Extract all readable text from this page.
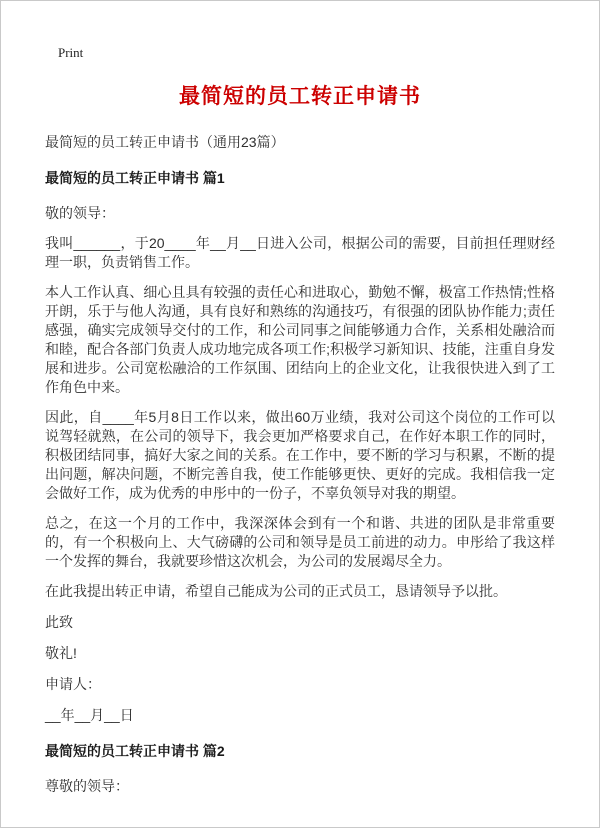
Print
最简短的员工转正申请书
最简短的员工转正申请书（通用23篇）
最简短的员工转正申请书 篇1
敬的领导：
我叫______，于20____年__月__日进入公司，根据公司的需要，目前担任理财经理一职，负责销售工作。
本人工作认真、细心且具有较强的责任心和进取心，勤勉不懈，极富工作热情;性格开朗，乐于与他人沟通，具有良好和熟练的沟通技巧，有很强的团队协作能力;责任感强，确实完成领导交付的工作，和公司同事之间能够通力合作，关系相处融洽而和睦，配合各部门负责人成功地完成各项工作;积极学习新知识、技能，注重自身发展和进步。公司宽松融洽的工作氛围、团结向上的企业文化，让我很快进入到了工作角色中来。
因此，自____年5月8日工作以来，做出60万业绩，我对公司这个岗位的工作可以说驾轻就熟，在公司的领导下，我会更加严格要求自己，在作好本职工作的同时，积极团结同事，搞好大家之间的关系。在工作中，要不断的学习与积累，不断的提出问题，解决问题，不断完善自我，使工作能够更快、更好的完成。我相信我一定会做好工作，成为优秀的申彤中的一份子，不辜负领导对我的期望。
总之，在这一个月的工作中，我深深体会到有一个和谐、共进的团队是非常重要的，有一个积极向上、大气磅礴的公司和领导是员工前进的动力。申彤给了我这样一个发挥的舞台，我就要珍惜这次机会，为公司的发展竭尽全力。
在此我提出转正申请，希望自己能成为公司的正式员工，恳请领导予以批。
此致
敬礼!
申请人：
__年__月__日
最简短的员工转正申请书 篇2
尊敬的领导：
